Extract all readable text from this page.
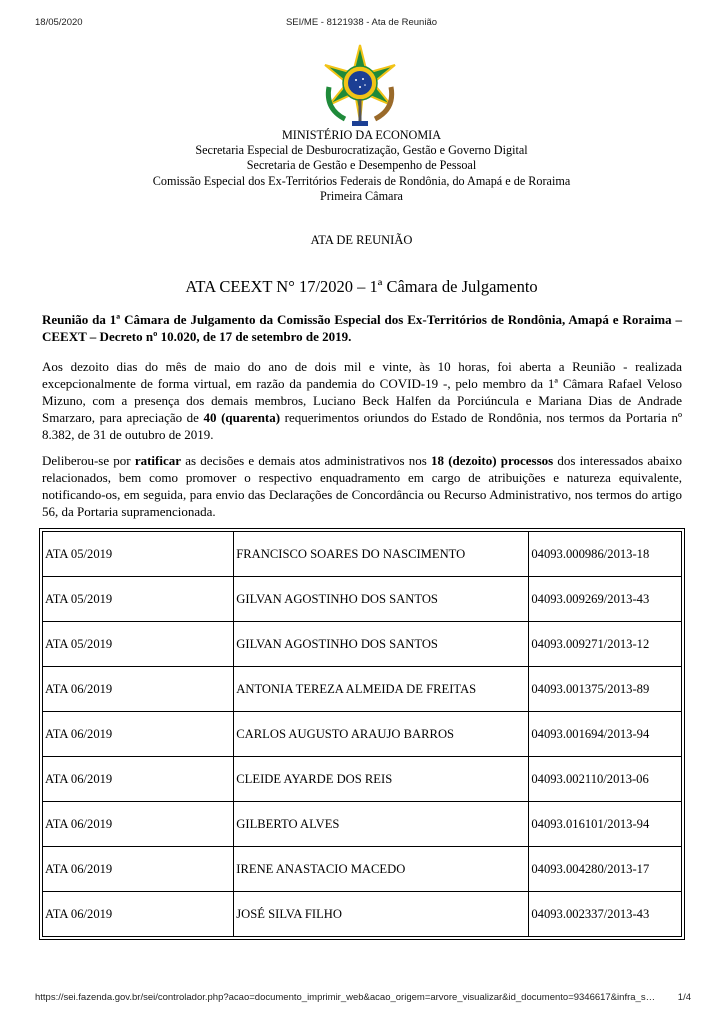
18/05/2020	SEI/ME - 8121938 - Ata de Reunião
MINISTÉRIO DA ECONOMIA
Secretaria Especial de Desburocratização, Gestão e Governo Digital
Secretaria de Gestão e Desempenho de Pessoal
Comissão Especial dos Ex-Territórios Federais de Rondônia, do Amapá e de Roraima
Primeira Câmara
ATA DE REUNIÃO
ATA CEEXT N° 17/2020 – 1ª Câmara de Julgamento

Reunião da 1ª Câmara de Julgamento da Comissão Especial dos Ex-Territórios de Rondônia, Amapá e Roraima – CEEXT – Decreto nº 10.020, de 17 de setembro de 2019.

Aos dezoito dias do mês de maio do ano de dois mil e vinte, às 10 horas, foi aberta a Reunião - realizada excepcionalmente de forma virtual, em razão da pandemia do COVID-19 -, pelo membro da 1ª Câmara Rafael Veloso Mizuno, com a presença dos demais membros, Luciano Beck Halfen da Porciúncula e Mariana Dias de Andrade Smarzaro, para apreciação de 40 (quarenta) requerimentos oriundos do Estado de Rondônia, nos termos da Portaria nº 8.382, de 31 de outubro de 2019.

Deliberou-se por ratificar as decisões e demais atos administrativos nos 18 (dezoito) processos dos interessados abaixo relacionados, bem como promover o respectivo enquadramento em cargo de atribuições e natureza equivalente, notificando-os, em seguida, para envio das Declarações de Concordância ou Recurso Administrativo, nos termos do artigo 56, da Portaria supramencionada.

ATA 05/2019	FRANCISCO SOARES DO NASCIMENTO	04093.000986/2013-18
ATA 05/2019	GILVAN AGOSTINHO DOS SANTOS	04093.009269/2013-43
ATA 05/2019	GILVAN AGOSTINHO DOS SANTOS	04093.009271/2013-12
ATA 06/2019	ANTONIA TEREZA ALMEIDA DE FREITAS	04093.001375/2013-89
ATA 06/2019	CARLOS AUGUSTO ARAUJO BARROS	04093.001694/2013-94
ATA 06/2019	CLEIDE AYARDE DOS REIS	04093.002110/2013-06
ATA 06/2019	GILBERTO ALVES	04093.016101/2013-94
ATA 06/2019	IRENE ANASTACIO MACEDO	04093.004280/2013-17
ATA 06/2019	JOSÉ SILVA FILHO	04093.002337/2013-43
https://sei.fazenda.gov.br/sei/controlador.php?acao=documento_imprimir_web&acao_origem=arvore_visualizar&id_documento=9346617&infra_s…	1/4
